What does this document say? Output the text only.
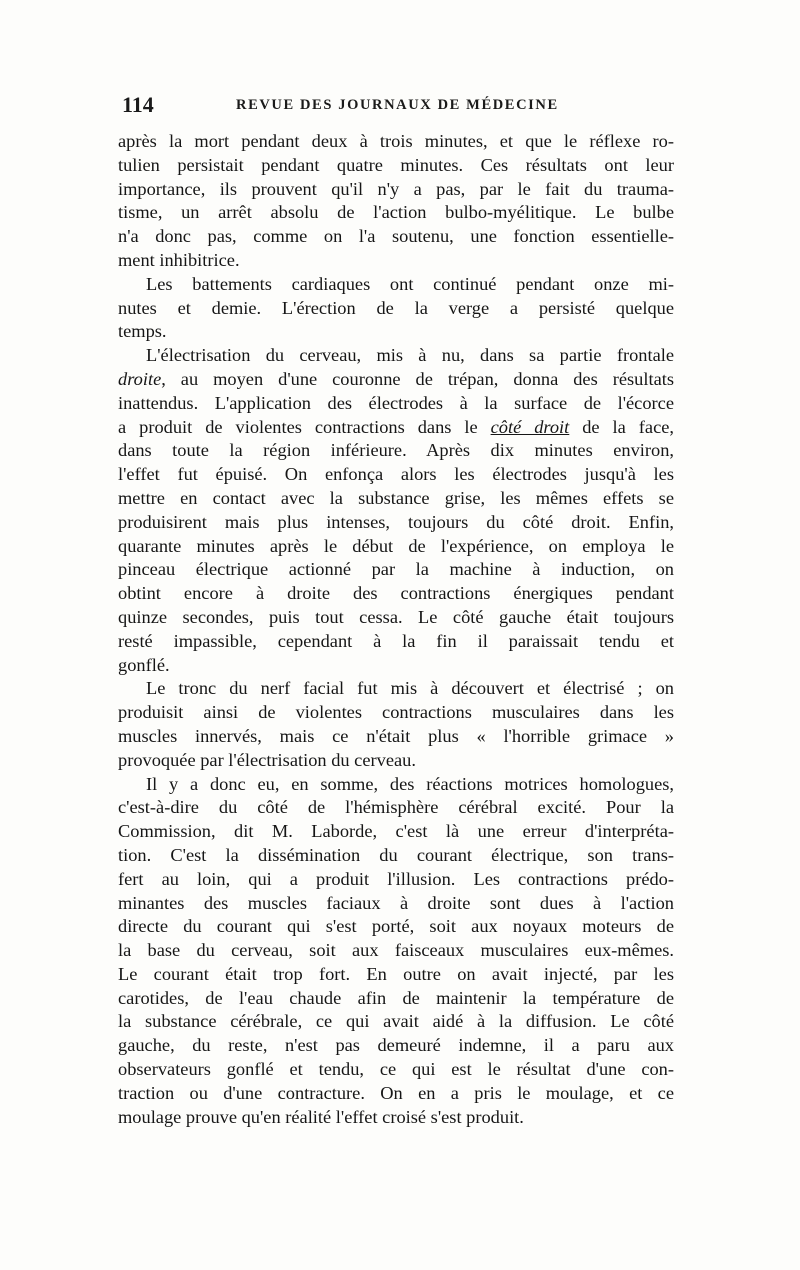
114	REVUE DES JOURNAUX DE MÉDECINE
après la mort pendant deux à trois minutes, et que le réflexe ro-
tulien persistait pendant quatre minutes. Ces résultats ont leur
importance, ils prouvent qu'il n'y a pas, par le fait du trauma-
tisme, un arrêt absolu de l'action bulbo-myélitique. Le bulbe
n'a donc pas, comme on l'a soutenu, une fonction essentielle-
ment inhibitrice.
Les battements cardiaques ont continué pendant onze mi-
nutes et demie. L'érection de la verge a persisté quelque
temps.
L'électrisation du cerveau, mis à nu, dans sa partie frontale
droite, au moyen d'une couronne de trépan, donna des résultats
inattendus. L'application des électrodes à la surface de l'écorce
a produit de violentes contractions dans le côté droit de la face,
dans toute la région inférieure. Après dix minutes environ,
l'effet fut épuisé. On enfonça alors les électrodes jusqu'à les
mettre en contact avec la substance grise, les mêmes effets se
produisirent mais plus intenses, toujours du côté droit. Enfin,
quarante minutes après le début de l'expérience, on employa le
pinceau électrique actionné par la machine à induction, on
obtint encore à droite des contractions énergiques pendant
quinze secondes, puis tout cessa. Le côté gauche était toujours
resté impassible, cependant à la fin il paraissait tendu et
gonflé.
Le tronc du nerf facial fut mis à découvert et électrisé ; on
produisit ainsi de violentes contractions musculaires dans les
muscles innervés, mais ce n'était plus « l'horrible grimace »
provoquée par l'électrisation du cerveau.
Il y a donc eu, en somme, des réactions motrices homologues,
c'est-à-dire du côté de l'hémisphère cérébral excité. Pour la
Commission, dit M. Laborde, c'est là une erreur d'interpréta-
tion. C'est la dissémination du courant électrique, son trans-
fert au loin, qui a produit l'illusion. Les contractions prédo-
minantes des muscles faciaux à droite sont dues à l'action
directe du courant qui s'est porté, soit aux noyaux moteurs de
la base du cerveau, soit aux faisceaux musculaires eux-mêmes.
Le courant était trop fort. En outre on avait injecté, par les
carotides, de l'eau chaude afin de maintenir la température de
la substance cérébrale, ce qui avait aidé à la diffusion. Le côté
gauche, du reste, n'est pas demeuré indemne, il a paru aux
observateurs gonflé et tendu, ce qui est le résultat d'une con-
traction ou d'une contracture. On en a pris le moulage, et ce
moulage prouve qu'en réalité l'effet croisé s'est produit.
